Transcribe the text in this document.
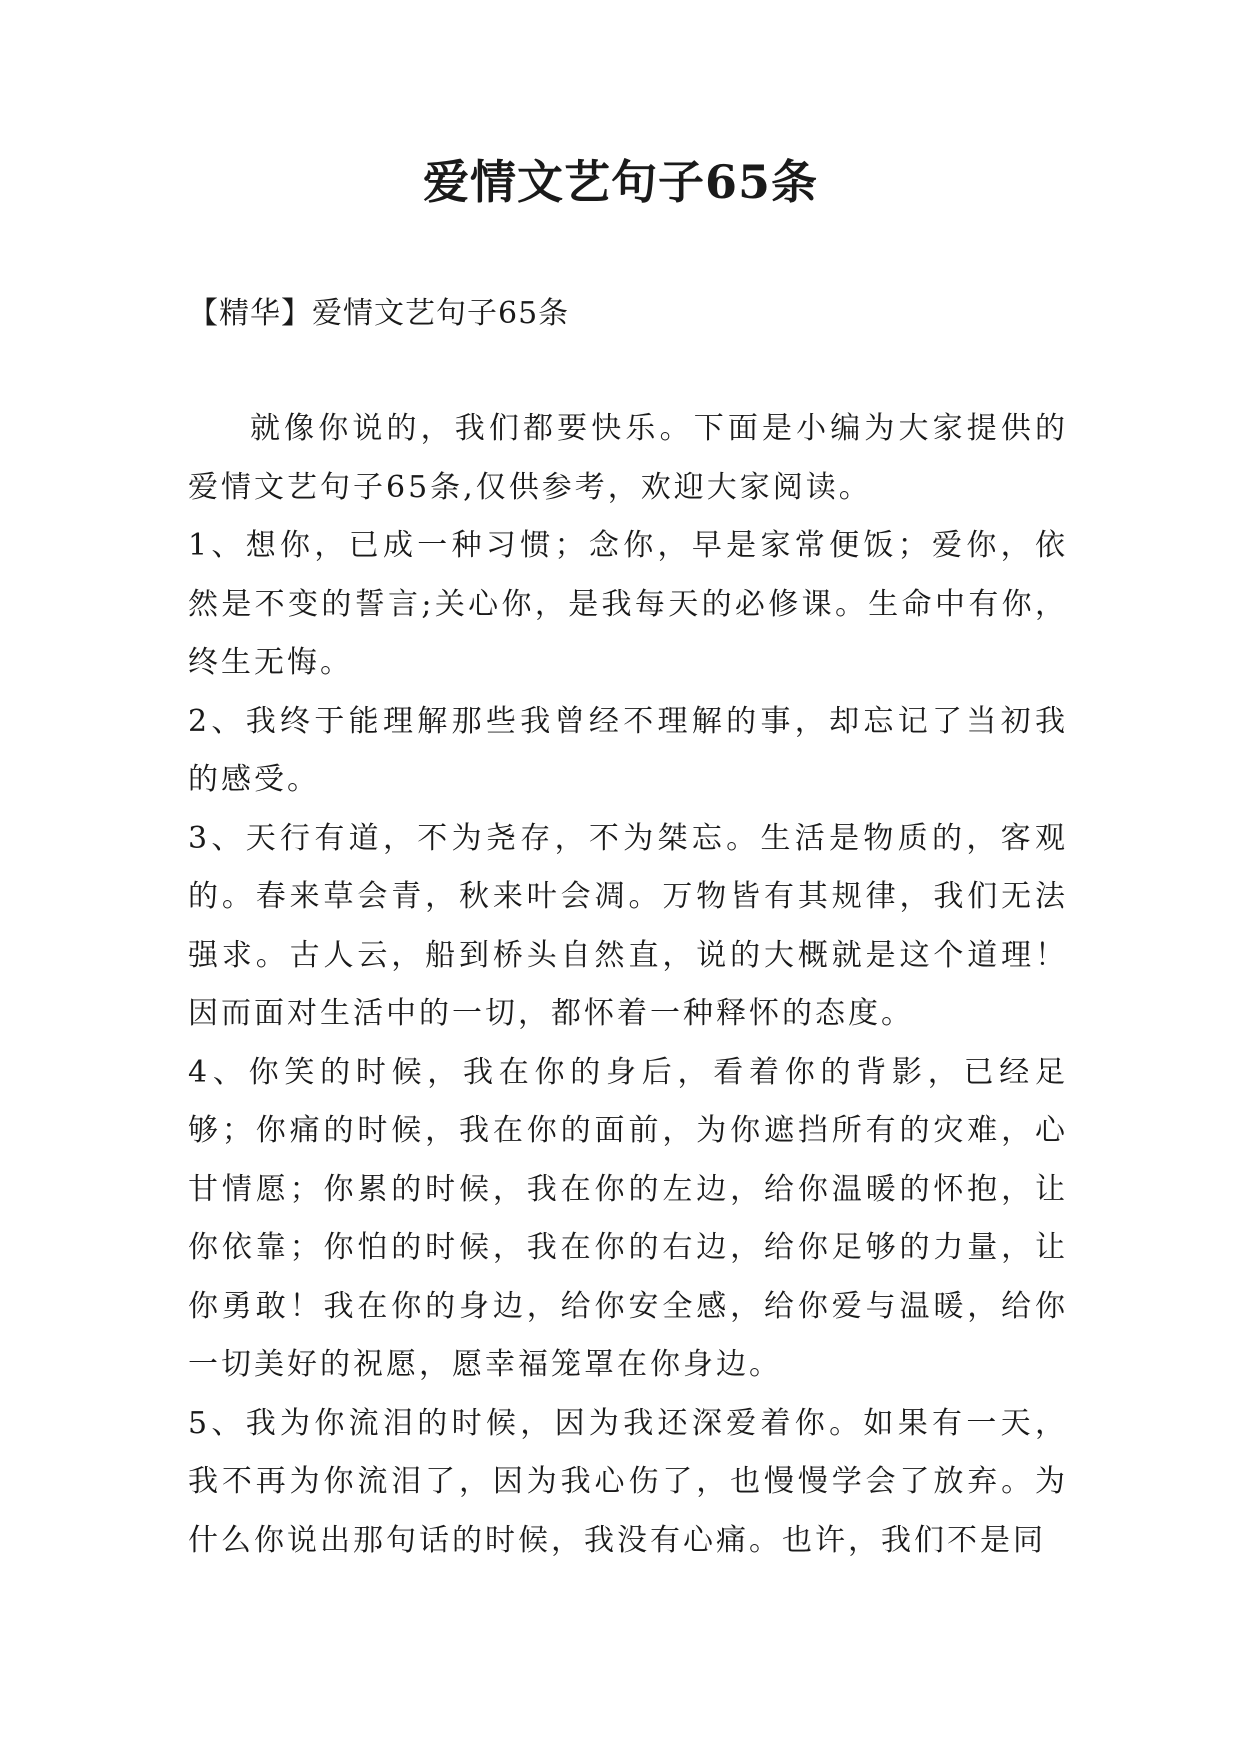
爱情文艺句子65条
【精华】爱情文艺句子65条

就像你说的，我们都要快乐。下面是小编为大家提供的爱情文艺句子65条,仅供参考，欢迎大家阅读。

1、想你，已成一种习惯；念你，早是家常便饭；爱你，依然是不变的誓言;关心你，是我每天的必修课。生命中有你，终生无悔。

2、我终于能理解那些我曾经不理解的事，却忘记了当初我的感受。

3、天行有道，不为尧存，不为桀忘。生活是物质的，客观的。春来草会青，秋来叶会凋。万物皆有其规律，我们无法强求。古人云，船到桥头自然直，说的大概就是这个道理！因而面对生活中的一切，都怀着一种释怀的态度。

4、你笑的时候，我在你的身后，看着你的背影，已经足够；你痛的时候，我在你的面前，为你遮挡所有的灾难，心甘情愿；你累的时候，我在你的左边，给你温暖的怀抱，让你依靠；你怕的时候，我在你的右边，给你足够的力量，让你勇敢！我在你的身边，给你安全感，给你爱与温暖，给你一切美好的祝愿，愿幸福笼罩在你身边。

5、我为你流泪的时候，因为我还深爱着你。如果有一天，我不再为你流泪了，因为我心伤了，也慢慢学会了放弃。为什么你说出那句话的时候，我没有心痛。也许，我们不是同
